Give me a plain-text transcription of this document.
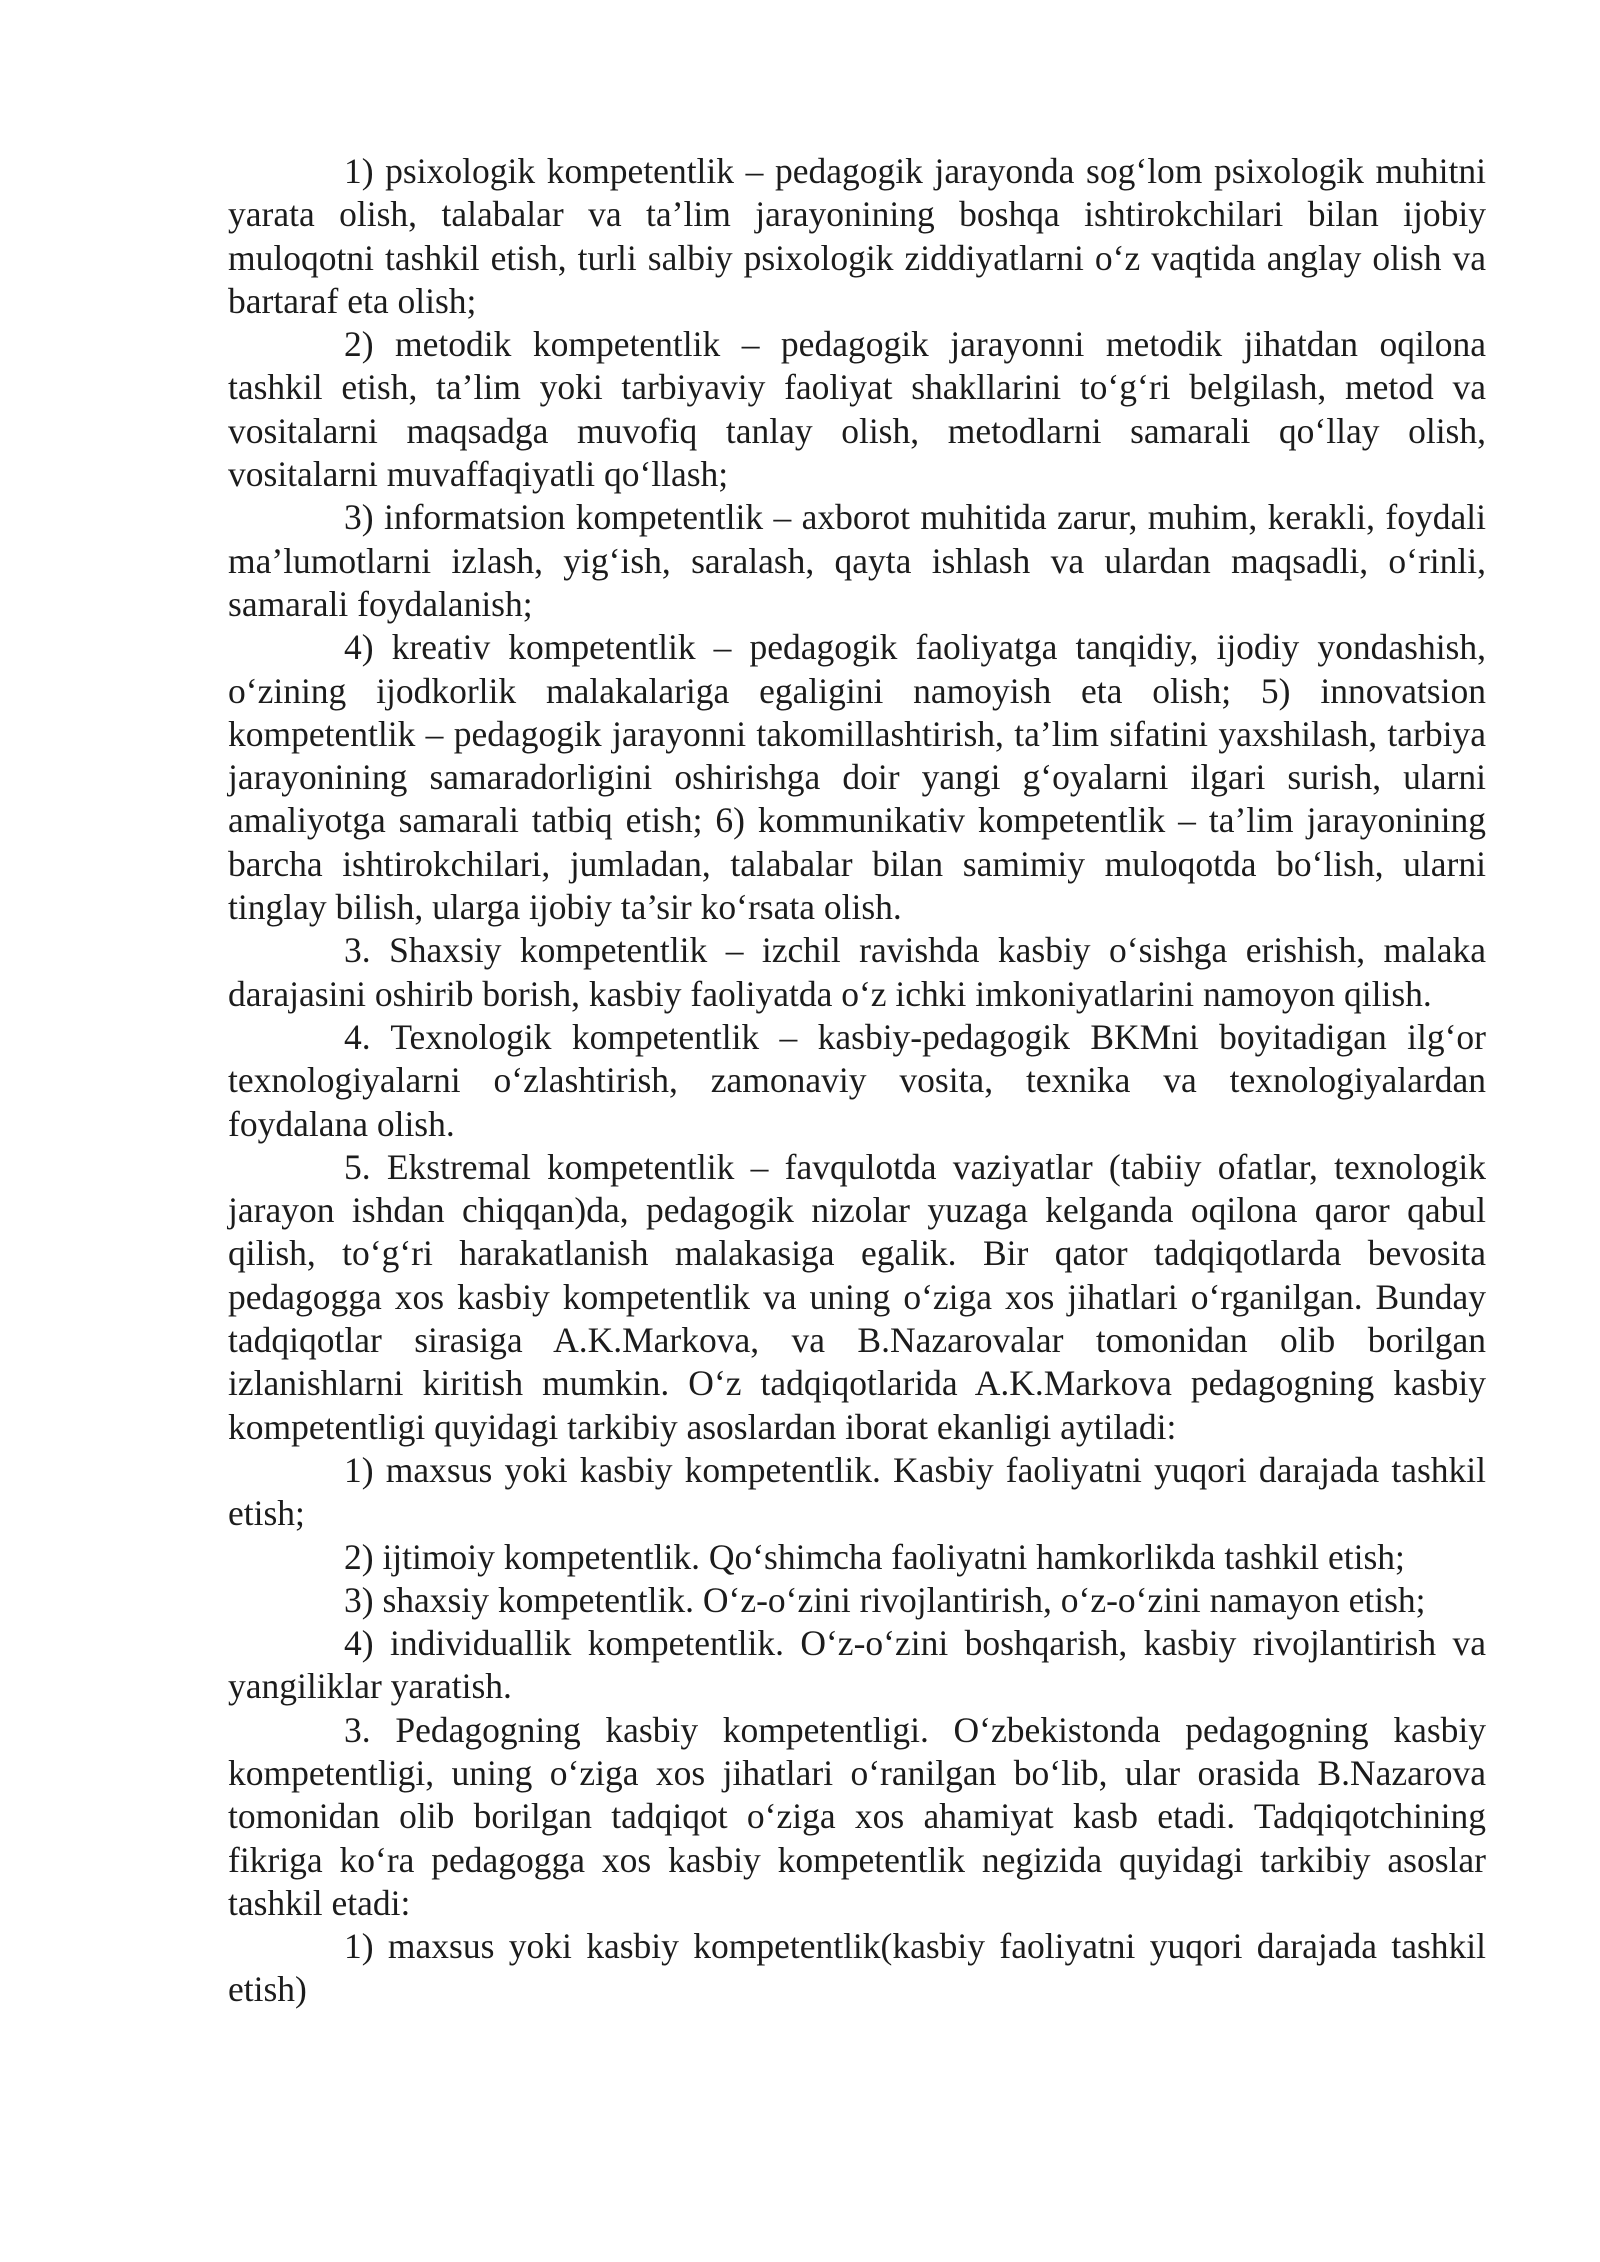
1) psixologik kompetentlik – pedagogik jarayonda sog‘lom psixologik muhitni yarata olish, talabalar va ta’lim jarayonining boshqa ishtirokchilari bilan ijobiy muloqotni tashkil etish, turli salbiy psixologik ziddiyatlarni o‘z vaqtida anglay olish va bartaraf eta olish;

2) metodik kompetentlik – pedagogik jarayonni metodik jihatdan oqilona tashkil etish, ta’lim yoki tarbiyaviy faoliyat shakllarini to‘g‘ri belgilash, metod va vositalarni maqsadga muvofiq tanlay olish, metodlarni samarali qo‘llay olish, vositalarni muvaffaqiyatli qo‘llash;

3) informatsion kompetentlik – axborot muhitida zarur, muhim, kerakli, foydali ma’lumotlarni izlash, yig‘ish, saralash, qayta ishlash va ulardan maqsadli, o‘rinli, samarali foydalanish;

4) kreativ kompetentlik – pedagogik faoliyatga tanqidiy, ijodiy yondashish, o‘zining ijodkorlik malakalariga egaligini namoyish eta olish; 5) innovatsion kompetentlik – pedagogik jarayonni takomillashtirish, ta’lim sifatini yaxshilash, tarbiya jarayonining samaradorligini oshirishga doir yangi g‘oyalarni ilgari surish, ularni amaliyotga samarali tatbiq etish; 6) kommunikativ kompetentlik – ta’lim jarayonining barcha ishtirokchilari, jumladan, talabalar bilan samimiy muloqotda bo‘lish, ularni tinglay bilish, ularga ijobiy ta’sir ko‘rsata olish.

3. Shaxsiy kompetentlik – izchil ravishda kasbiy o‘sishga erishish, malaka darajasini oshirib borish, kasbiy faoliyatda o‘z ichki imkoniyatlarini namoyon qilish.

4. Texnologik kompetentlik – kasbiy-pedagogik BKMni boyitadigan ilg‘or texnologiyalarni o‘zlashtirish, zamonaviy vosita, texnika va texnologiyalardan foydalana olish.

5. Ekstremal kompetentlik – favqulotda vaziyatlar (tabiiy ofatlar, texnologik jarayon ishdan chiqqan)da, pedagogik nizolar yuzaga kelganda oqilona qaror qabul qilish, to‘g‘ri harakatlanish malakasiga egalik. Bir qator tadqiqotlarda bevosita pedagogga xos kasbiy kompetentlik va uning o‘ziga xos jihatlari o‘rganilgan. Bunday tadqiqotlar sirasiga A.K.Markova, va B.Nazarovalar tomonidan olib borilgan izlanishlarni kiritish mumkin. O‘z tadqiqotlarida A.K.Markova pedagogning kasbiy kompetentligi quyidagi tarkibiy asoslardan iborat ekanligi aytiladi:

1) maxsus yoki kasbiy kompetentlik. Kasbiy faoliyatni yuqori darajada tashkil etish;

2) ijtimoiy kompetentlik. Qo‘shimcha faoliyatni hamkorlikda tashkil etish;

3) shaxsiy kompetentlik. O‘z-o‘zini rivojlantirish, o‘z-o‘zini namayon etish;

4) individuallik kompetentlik. O‘z-o‘zini boshqarish, kasbiy rivojlantirish va yangiliklar yaratish.

3. Pedagogning kasbiy kompetentligi. O‘zbekistonda pedagogning kasbiy kompetentligi, uning o‘ziga xos jihatlari o‘ranilgan bo‘lib, ular orasida B.Nazarova tomonidan olib borilgan tadqiqot o‘ziga xos ahamiyat kasb etadi. Tadqiqotchining fikriga ko‘ra pedagogga xos kasbiy kompetentlik negizida quyidagi tarkibiy asoslar tashkil etadi:

1) maxsus yoki kasbiy kompetentlik(kasbiy faoliyatni yuqori darajada tashkil etish)
